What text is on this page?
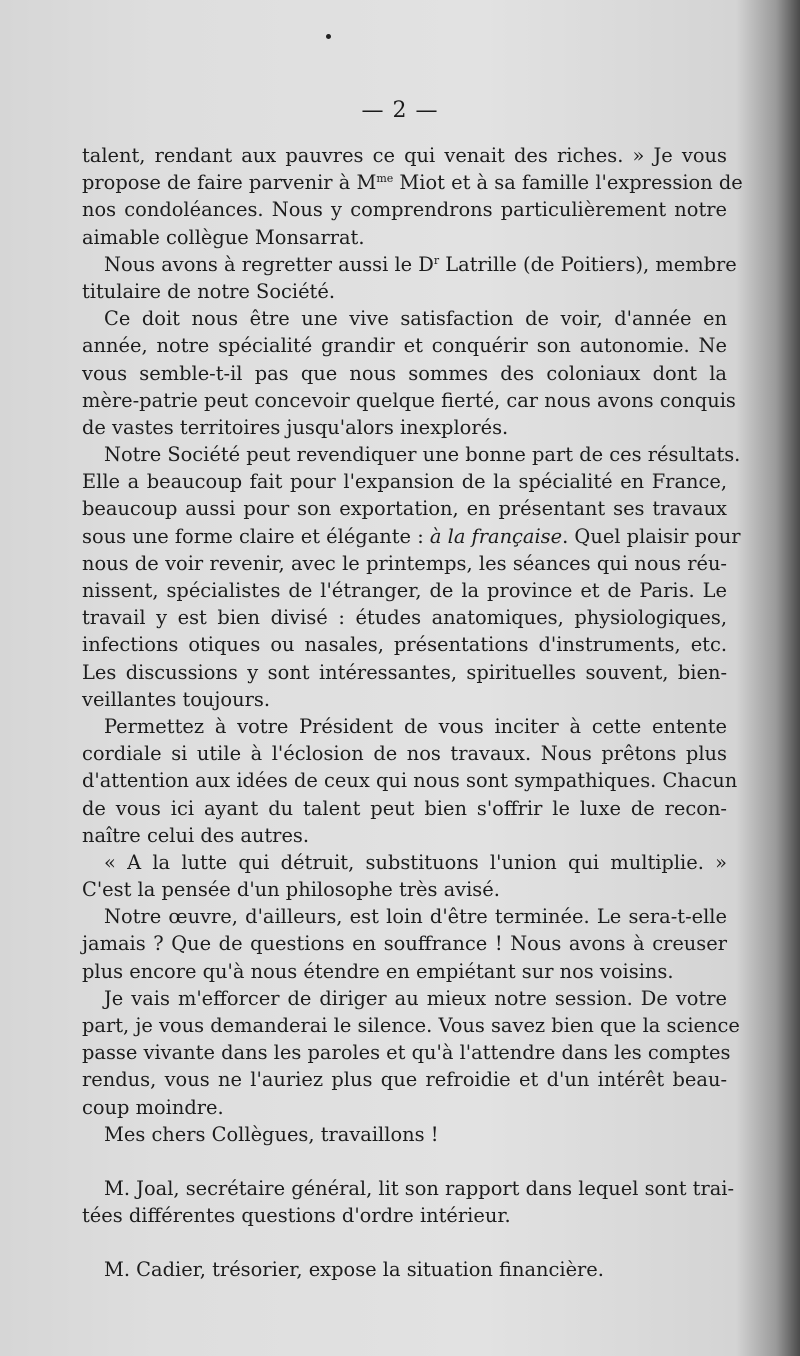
— 2 —
talent, rendant aux pauvres ce qui venait des riches. » Je vous
propose de faire parvenir à $M^{me}$ Miot et à sa famille l'expression de
nos condoléances. Nous y comprendrons particulièrement notre
aimable collègue Monsarrat.
Nous avons à regretter aussi le $D^r$ Latrille (de Poitiers), membre
titulaire de notre Société.
Ce doit nous être une vive satisfaction de voir, d'année en
année, notre spécialité grandir et conquérir son autonomie. Ne
vous semble-t-il pas que nous sommes des coloniaux dont la
mère-patrie peut concevoir quelque fierté, car nous avons conquis
de vastes territoires jusqu'alors inexplorés.
Notre Société peut revendiquer une bonne part de ces résultats.
Elle a beaucoup fait pour l'expansion de la spécialité en France,
beaucoup aussi pour son exportation, en présentant ses travaux
sous une forme claire et élégante : à la française. Quel plaisir pour
nous de voir revenir, avec le printemps, les séances qui nous réu-
nissent, spécialistes de l'étranger, de la province et de Paris. Le
travail y est bien divisé : études anatomiques, physiologiques,
infections otiques ou nasales, présentations d'instruments, etc.
Les discussions y sont intéressantes, spirituelles souvent, bien-
veillantes toujours.
Permettez à votre Président de vous inciter à cette entente
cordiale si utile à l'éclosion de nos travaux. Nous prêtons plus
d'attention aux idées de ceux qui nous sont sympathiques. Chacun
de vous ici ayant du talent peut bien s'offrir le luxe de recon-
naître celui des autres.
« A la lutte qui détruit, substituons l'union qui multiplie. »
C'est la pensée d'un philosophe très avisé.
Notre œuvre, d'ailleurs, est loin d'être terminée. Le sera-t-elle
jamais ? Que de questions en souffrance ! Nous avons à creuser
plus encore qu'à nous étendre en empiétant sur nos voisins.
Je vais m'efforcer de diriger au mieux notre session. De votre
part, je vous demanderai le silence. Vous savez bien que la science
passe vivante dans les paroles et qu'à l'attendre dans les comptes
rendus, vous ne l'auriez plus que refroidie et d'un intérêt beau-
coup moindre.
Mes chers Collègues, travaillons !
M. Joal, secrétaire général, lit son rapport dans lequel sont trai-
tées différentes questions d'ordre intérieur.
M. Cadier, trésorier, expose la situation financière.
